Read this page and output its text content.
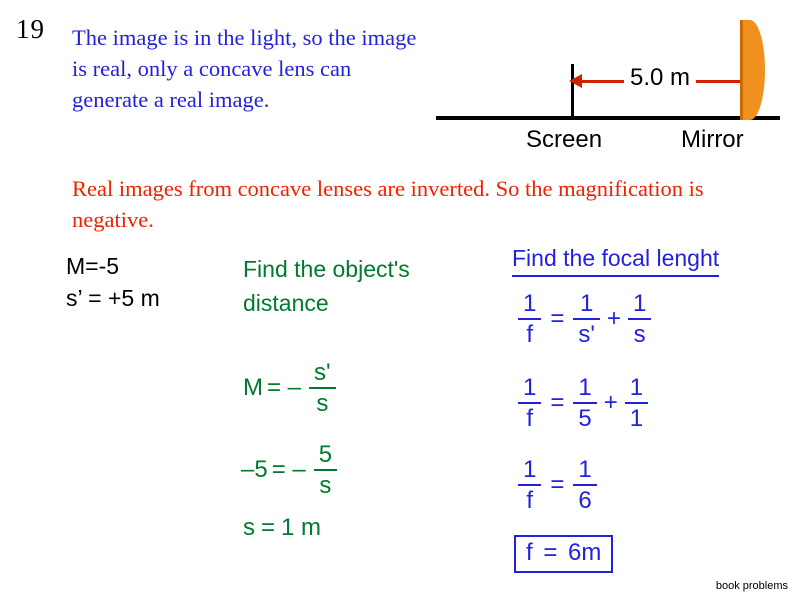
19 The image is in the light, so the image is real, only a concave lens can generate a real image.
5.0 m
Screen	Mirror
Real images from concave lenses are inverted. So the magnification is negative.
M=-5
s’ = +5 m
Find the object's distance
M = – $\frac{s'}{s}$
–5 = – $\frac{5}{s}$
s = 1 m
Find the focal lenght
$\frac{1}{f} = \frac{1}{s'} + \frac{1}{s}$
$\frac{1}{f} = \frac{1}{5} + \frac{1}{1}$
$\frac{1}{f} = \frac{1}{6}$
f = 6m
book problems
